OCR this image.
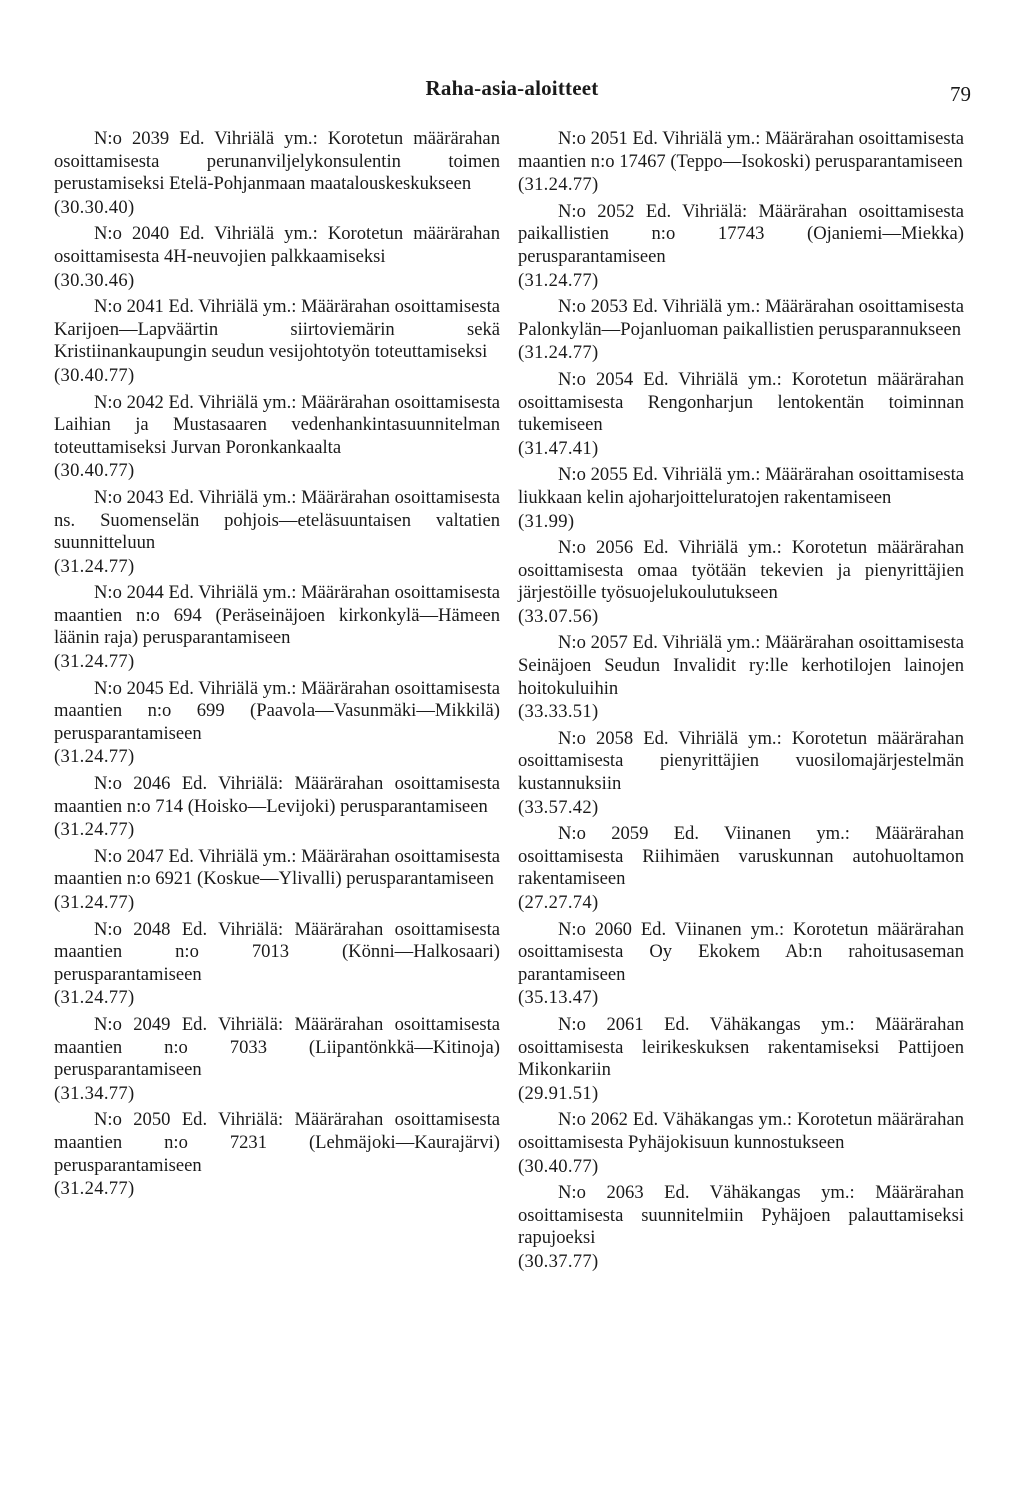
Raha-asia-aloitteet	79
N:o 2039 Ed. Vihriälä ym.: Korotetun määrärahan osoittamisesta perunanviljelykonsulentin toimen perustamiseksi Etelä-Pohjanmaan maatalouskeskukseen
(30.30.40)
N:o 2040 Ed. Vihriälä ym.: Korotetun määrärahan osoittamisesta 4H-neuvojien palkkaamiseksi
(30.30.46)
N:o 2041 Ed. Vihriälä ym.: Määrärahan osoittamisesta Karijoen—Lapväärtin siirtoviemärin sekä Kristiinankaupungin seudun vesijohtotyön toteuttamiseksi
(30.40.77)
N:o 2042 Ed. Vihriälä ym.: Määrärahan osoittamisesta Laihian ja Mustasaaren vedenhankintasuunnitelman toteuttamiseksi Jurvan Poronkankaalta
(30.40.77)
N:o 2043 Ed. Vihriälä ym.: Määrärahan osoittamisesta ns. Suomenselän pohjois—eteläsuuntaisen valtatien suunnitteluun
(31.24.77)
N:o 2044 Ed. Vihriälä ym.: Määrärahan osoittamisesta maantien n:o 694 (Peräseinäjoen kirkonkylä—Hämeen läänin raja) perusparantamiseen
(31.24.77)
N:o 2045 Ed. Vihriälä ym.: Määrärahan osoittamisesta maantien n:o 699 (Paavola—Vasunmäki—Mikkilä) perusparantamiseen
(31.24.77)
N:o 2046 Ed. Vihriälä: Määrärahan osoittamisesta maantien n:o 714 (Hoisko—Levijoki) perusparantamiseen
(31.24.77)
N:o 2047 Ed. Vihriälä ym.: Määrärahan osoittamisesta maantien n:o 6921 (Koskue—Ylivalli) perusparantamiseen
(31.24.77)
N:o 2048 Ed. Vihriälä: Määrärahan osoittamisesta maantien n:o 7013 (Könni—Halkosaari) perusparantamiseen
(31.24.77)
N:o 2049 Ed. Vihriälä: Määrärahan osoittamisesta maantien n:o 7033 (Liipantönkkä—Kitinoja) perusparantamiseen
(31.34.77)
N:o 2050 Ed. Vihriälä: Määrärahan osoittamisesta maantien n:o 7231 (Lehmäjoki—Kaurajärvi) perusparantamiseen
(31.24.77)
N:o 2051 Ed. Vihriälä ym.: Määrärahan osoittamisesta maantien n:o 17467 (Teppo—Isokoski) perusparantamiseen
(31.24.77)
N:o 2052 Ed. Vihriälä: Määrärahan osoittamisesta paikallistien n:o 17743 (Ojaniemi—Miekka) perusparantamiseen
(31.24.77)
N:o 2053 Ed. Vihriälä ym.: Määrärahan osoittamisesta Palonkylän—Pojanluoman paikallistien perusparannukseen
(31.24.77)
N:o 2054 Ed. Vihriälä ym.: Korotetun määrärahan osoittamisesta Rengonharjun lentokentän toiminnan tukemiseen
(31.47.41)
N:o 2055 Ed. Vihriälä ym.: Määrärahan osoittamisesta liukkaan kelin ajoharjoitteluratojen rakentamiseen
(31.99)
N:o 2056 Ed. Vihriälä ym.: Korotetun määrärahan osoittamisesta omaa työtään tekevien ja pienyrittäjien järjestöille työsuojelukoulutukseen
(33.07.56)
N:o 2057 Ed. Vihriälä ym.: Määrärahan osoittamisesta Seinäjoen Seudun Invalidit ry:lle kerhotilojen lainojen hoitokuluihin
(33.33.51)
N:o 2058 Ed. Vihriälä ym.: Korotetun määrärahan osoittamisesta pienyrittäjien vuosilomajärjestelmän kustannuksiin
(33.57.42)
N:o 2059 Ed. Viinanen ym.: Määrärahan osoittamisesta Riihimäen varuskunnan autohuoltamon rakentamiseen
(27.27.74)
N:o 2060 Ed. Viinanen ym.: Korotetun määrärahan osoittamisesta Oy Ekokem Ab:n rahoitusaseman parantamiseen
(35.13.47)
N:o 2061 Ed. Vähäkangas ym.: Määrärahan osoittamisesta leirikeskuksen rakentamiseksi Pattijoen Mikonkariin
(29.91.51)
N:o 2062 Ed. Vähäkangas ym.: Korotetun määrärahan osoittamisesta Pyhäjokisuun kunnostukseen
(30.40.77)
N:o 2063 Ed. Vähäkangas ym.: Määrärahan osoittamisesta suunnitelmiin Pyhäjoen palauttamiseksi rapujoeksi
(30.37.77)
